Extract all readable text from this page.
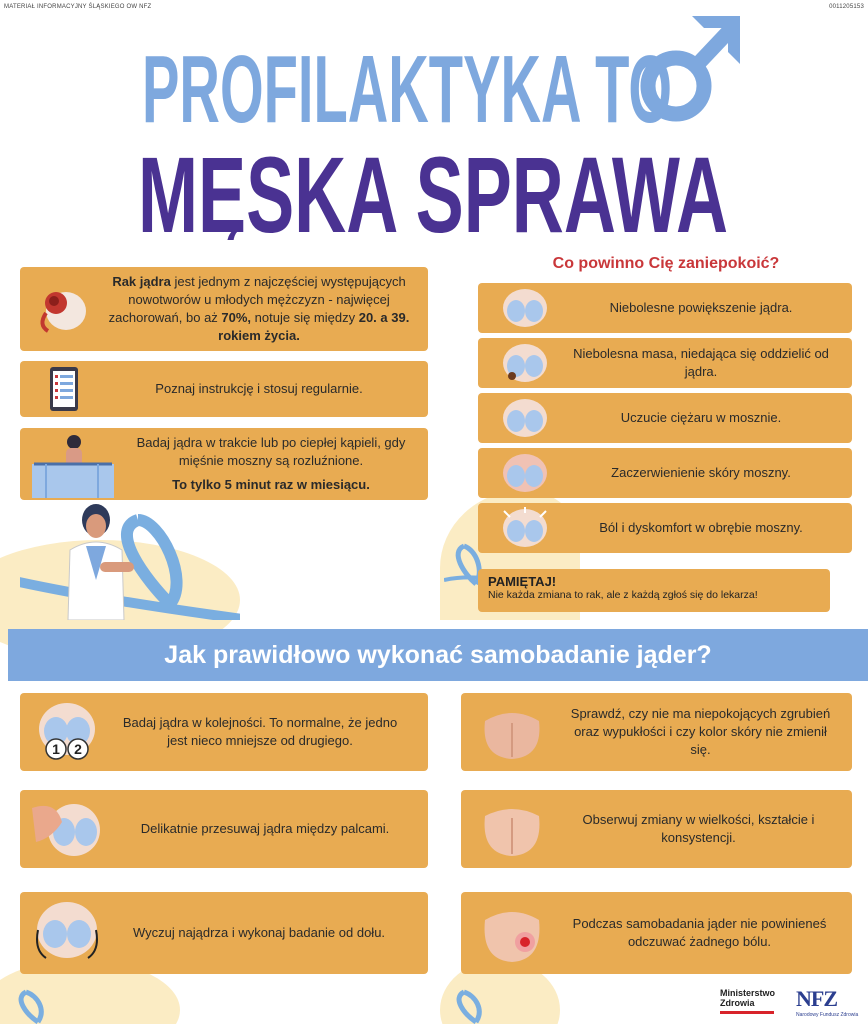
MATERIAŁ INFORMACYJNY ŚLĄSKIEGO OW NFZ	0011205153
PROFILAKTYKA TO
MĘSKA SPRAWA
Rak jądra jest jednym z najczęściej występujących nowotworów u młodych mężczyzn - najwięcej zachorowań, bo aż 70%, notuje się między 20. a 39. rokiem życia.
Poznaj instrukcję i stosuj regularnie.
Badaj jądra w trakcie lub po ciepłej kąpieli, gdy mięśnie moszny są rozluźnione.
To tylko 5 minut raz w miesiącu.
Co powinno Cię zaniepokoić?
Niebolesne powiększenie jądra.
Niebolesna masa, niedająca się oddzielić od jądra.
Uczucie ciężaru w mosznie.
Zaczerwienienie skóry moszny.
Ból i dyskomfort w obrębie moszny.
PAMIĘTAJ!
Nie każda zmiana to rak, ale z każdą zgłoś się do lekarza!
Jak prawidłowo wykonać samobadanie jąder?
1 2
Badaj jądra w kolejności. To normalne, że jedno jest nieco mniejsze od drugiego.
Delikatnie przesuwaj jądra między palcami.
Wyczuj najądrza i wykonaj badanie od dołu.
Sprawdź, czy nie ma niepokojących zgrubień oraz wypukłości i czy kolor skóry nie zmienił się.
Obserwuj zmiany w wielkości, kształcie i konsystencji.
Podczas samobadania jąder nie powinieneś odczuwać żadnego bólu.
Ministerstwo
Zdrowia	NFZ
Narodowy Fundusz Zdrowia
